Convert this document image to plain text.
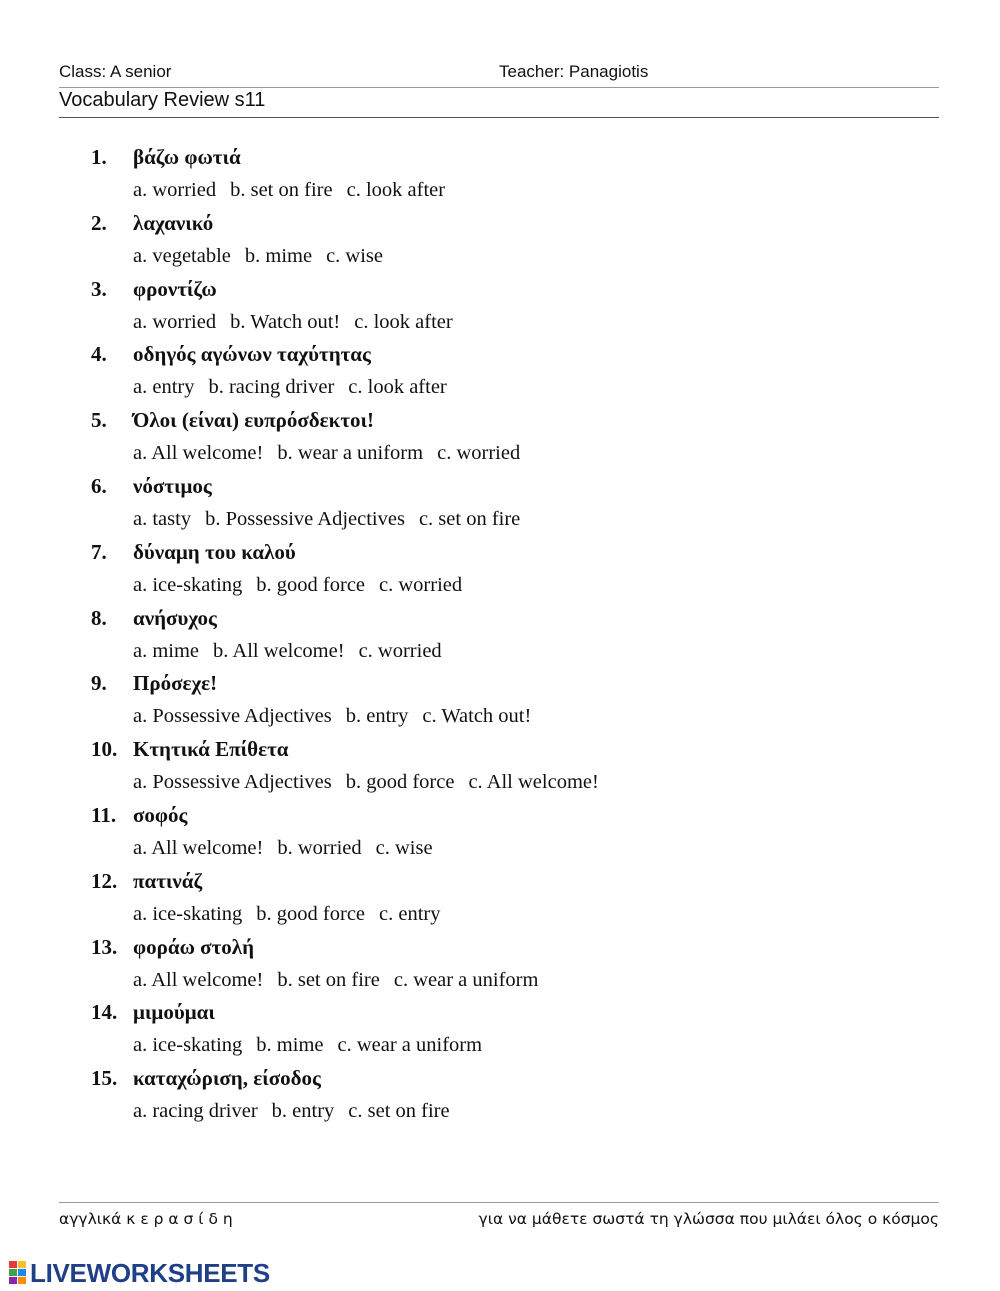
Class: A senior	Teacher: Panagiotis
Vocabulary Review s11
1. βάζω φωτιά
a. worried b. set on fire c. look after
2. λαχανικό
a. vegetable b. mime c. wise
3. φροντίζω
a. worried b. Watch out! c. look after
4. οδηγός αγώνων ταχύτητας
a. entry b. racing driver c. look after
5. Όλοι (είναι) ευπρόσδεκτοι!
a. All welcome! b. wear a uniform c. worried
6. νόστιμος
a. tasty b. Possessive Adjectives c. set on fire
7. δύναμη του καλού
a. ice-skating b. good force c. worried
8. ανήσυχος
a. mime b. All welcome! c. worried
9. Πρόσεχε!
a. Possessive Adjectives b. entry c. Watch out!
10. Κτητικά Επίθετα
a. Possessive Adjectives b. good force c. All welcome!
11. σοφός
a. All welcome! b. worried c. wise
12. πατινάζ
a. ice-skating b. good force c. entry
13. φοράω στολή
a. All welcome! b. set on fire c. wear a uniform
14. μιμούμαι
a. ice-skating b. mime c. wear a uniform
15. καταχώριση, είσοδος
a. racing driver b. entry c. set on fire
αγγλικά κ ε ρ α σ ί δ η	για να μάθετε σωστά τη γλώσσα που μιλάει όλος ο κόσμος
LIVEWORKSHEETS
